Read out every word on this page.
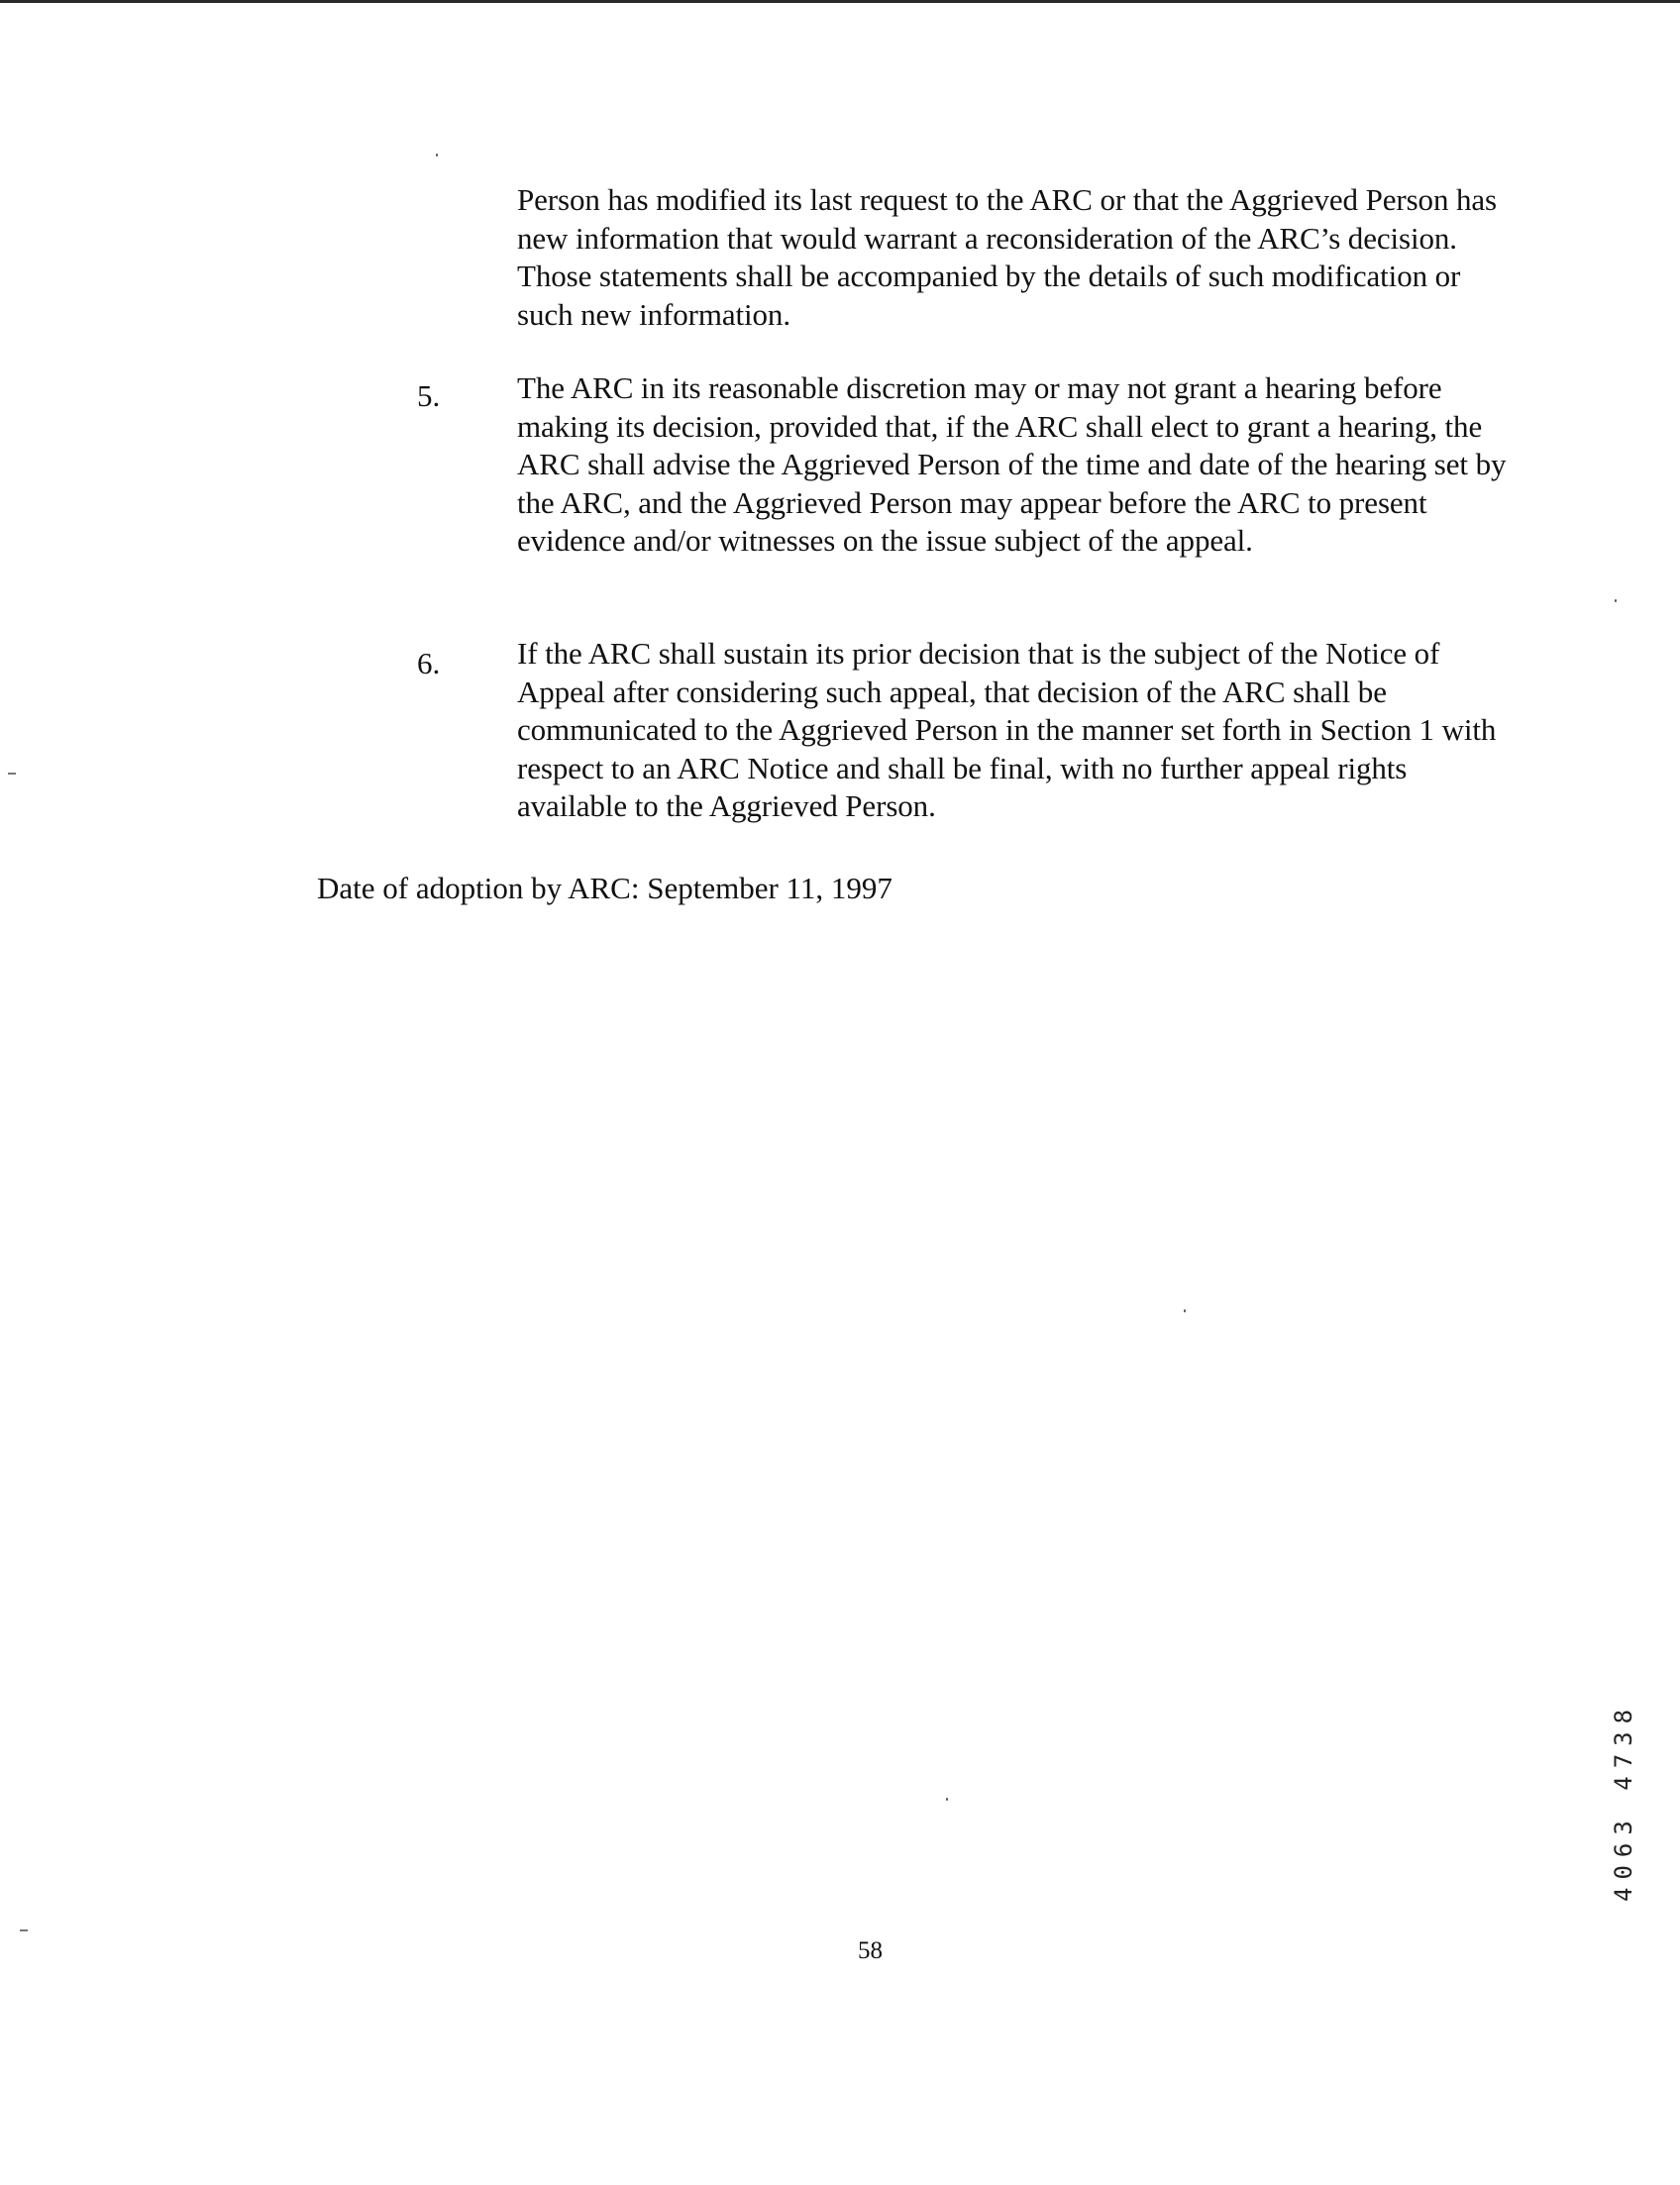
Person has modified its last request to the ARC or that the Aggrieved Person has new information that would warrant a reconsideration of the ARC’s decision. Those statements shall be accompanied by the details of such modification or such new information.

5.	The ARC in its reasonable discretion may or may not grant a hearing before making its decision, provided that, if the ARC shall elect to grant a hearing, the ARC shall advise the Aggrieved Person of the time and date of the hearing set by the ARC, and the Aggrieved Person may appear before the ARC to present evidence and/or witnesses on the issue subject of the appeal.

6.	If the ARC shall sustain its prior decision that is the subject of the Notice of Appeal after considering such appeal, that decision of the ARC shall be communicated to the Aggrieved Person in the manner set forth in Section 1 with respect to an ARC Notice and shall be final, with no further appeal rights available to the Aggrieved Person.

Date of adoption by ARC: September 11, 1997

58
4063 4738
